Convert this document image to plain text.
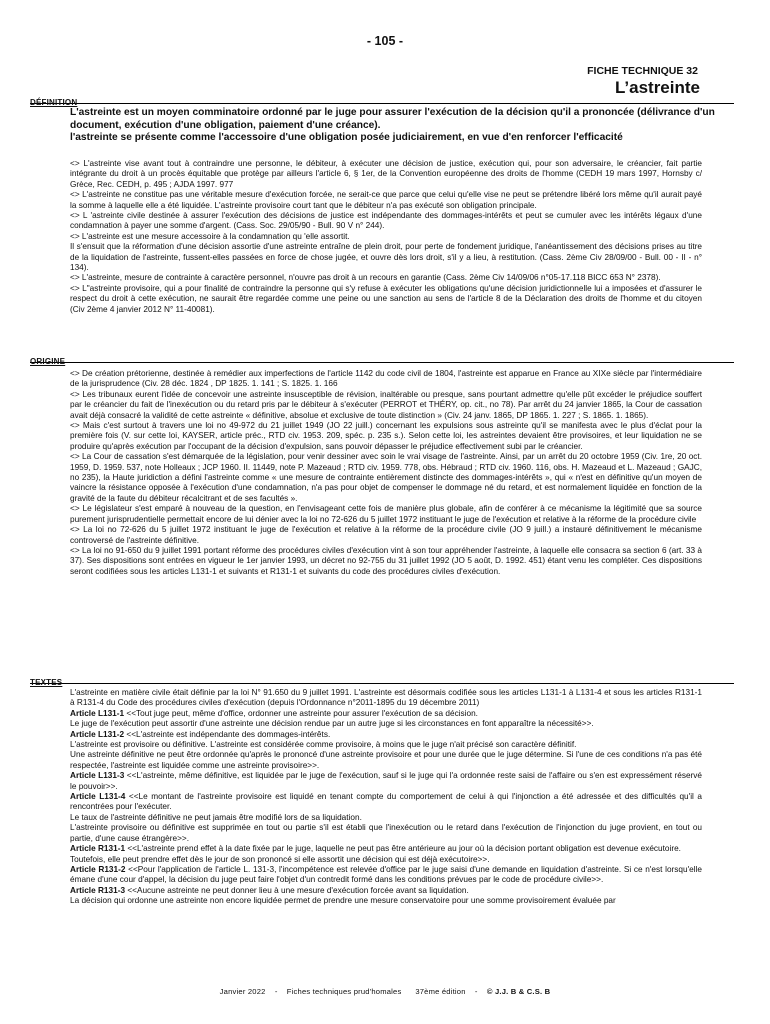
- 105 -
FICHE TECHNIQUE 32
L’astreinte
DÉFINITION
L'astreinte est un moyen comminatoire ordonné par le juge pour assurer l'exécution de la décision qu'il a prononcée (délivrance d'un document, exécution d'une obligation, paiement d'une créance).
l'astreinte se présente comme l'accessoire d'une obligation posée judiciairement, en vue d'en renforcer l'efficacité

<> L'astreinte vise avant tout à contraindre une personne, le débiteur, à exécuter une décision de justice, exécution qui, pour son adversaire, le créancier, fait partie intégrante du droit à un procès équitable que protège par ailleurs l'article 6, § 1er, de la Convention européenne des droits de l'homme (CEDH 19 mars 1997, Hornsby c/ Grèce, Rec. CEDH, p. 495 ; AJDA 1997. 977

<> L'astreinte ne constitue pas une véritable mesure d'exécution forcée, ne serait-ce que parce que celui qu'elle vise ne peut se prétendre libéré lors même qu'il aurait payé la somme à laquelle elle a été liquidée. L'astreinte provisoire court tant que le débiteur n'a pas exécuté son obligation principale.

<> L 'astreinte civile destinée à assurer l'exécution des décisions de justice est indépendante des dommages-intérêts et peut se cumuler avec les intérêts légaux d'une condamnation à payer une somme d'argent. (Cass. Soc. 29/05/90 - Bull. 90 V n° 244).

<> L'astreinte est une mesure accessoire à la condamnation qu 'elle assortit.

Il s'ensuit que la réformation d'une décision assortie d'une astreinte entraîne de plein droit, pour perte de fondement juridique, l'anéantissement des décisions prises au titre de la liquidation de l'astreinte, fussent-elles passées en force de chose jugée, et ouvre dès lors droit, s'il y a lieu, à restitution. (Cass. 2ème Civ 28/09/00 - Bull. 00 - II - n° 134).

<> L'astreinte, mesure de contrainte à caractère personnel, n'ouvre pas droit à un recours en garantie (Cass. 2ème Civ 14/09/06 n°05-17.118 BICC 653 N° 2378).

<> L"astreinte provisoire, qui a pour finalité de contraindre la personne qui s'y refuse à exécuter les obligations qu'une décision juridictionnelle lui a imposées et d'assurer le respect du droit à cette exécution, ne saurait être regardée comme une peine ou une sanction au sens de l'article 8 de la Déclaration des droits de l'homme et du citoyen (Civ 2ème 4 janvier 2012 N° 11-40081).

ORIGINE

<> De création prétorienne, destinée à remédier aux imperfections de l'article 1142 du code civil de 1804, l'astreinte est apparue en France au XIXe siècle par l'intermédiaire de la jurisprudence (Civ. 28 déc. 1824 , DP 1825. 1. 141 ; S. 1825. 1. 166

<> Les tribunaux eurent l'idée de concevoir une astreinte insusceptible de révision, inaltérable ou presque, sans pourtant admettre qu'elle pût excéder le préjudice souffert par le créancier du fait de l'inexécution ou du retard pris par le débiteur à s'exécuter (PERROT et THÉRY, op. cit., no 78). Par arrêt du 24 janvier 1865, la Cour de cassation avait déjà consacré la validité de cette astreinte « définitive, absolue et exclusive de toute distinction » (Civ. 24 janv. 1865, DP 1865. 1. 227 ; S. 1865. 1. 1865).

<> Mais c'est surtout à travers une loi no 49-972 du 21 juillet 1949 (JO 22 juill.) concernant les expulsions sous astreinte qu'il se manifesta avec le plus d'éclat pour la première fois (V. sur cette loi, KAYSER, article préc., RTD civ. 1953. 209, spéc. p. 235 s.). Selon cette loi, les astreintes devaient être provisoires, et leur liquidation ne se produire qu'après exécution par l'occupant de la décision d'expulsion, sans pouvoir dépasser le préjudice effectivement subi par le créancier.

<> La Cour de cassation s'est démarquée de la législation, pour venir dessiner avec soin le vrai visage de l'astreinte. Ainsi, par un arrêt du 20 octobre 1959 (Civ. 1re, 20 oct. 1959, D. 1959. 537, note Holleaux ; JCP 1960. II. 11449, note P. Mazeaud ; RTD civ. 1959. 778, obs. Hébraud ; RTD civ. 1960. 116, obs. H. Mazeaud et L. Mazeaud ; GAJC, no 235), la Haute juridiction a défini l'astreinte comme « une mesure de contrainte entièrement distincte des dommages-intérêts », qui « n'est en définitive qu'un moyen de vaincre la résistance opposée à l'exécution d'une condamnation, n'a pas pour objet de compenser le dommage né du retard, et est normalement liquidée en fonction de la gravité de la faute du débiteur récalcitrant et de ses facultés ».

<> Le législateur s'est emparé à nouveau de la question, en l'envisageant cette fois de manière plus globale, afin de conférer à ce mécanisme la légitimité que sa source purement jurisprudentielle permettait encore de lui dénier avec la loi no 72-626 du 5 juillet 1972 instituant le juge de l'exécution et relative à la réforme de la procédure civile

<> La loi no 72-626 du 5 juillet 1972 instituant le juge de l'exécution et relative à la réforme de la procédure civile (JO 9 juill.) a instauré définitivement le mécanisme controversé de l'astreinte définitive.

<> La loi no 91-650 du 9 juillet 1991 portant réforme des procédures civiles d'exécution vint à son tour appréhender l'astreinte, à laquelle elle consacra sa section 6 (art. 33 à 37). Ses dispositions sont entrées en vigueur le 1er janvier 1993, un décret no 92-755 du 31 juillet 1992 (JO 5 août, D. 1992. 451) étant venu les compléter. Ces dispositions seront codifiées sous les articles L131-1 et suivants et R131-1 et suivants du code des procédures civiles d'exécution.

TEXTES

L'astreinte en matière civile était définie par la loi N° 91.650 du 9 juillet 1991. L'astreinte est désormais codifiée sous les articles L131-1 à L131-4 et sous les articles R131-1 à R131-4 du Code des procédures civiles d'exécution (depuis l'Ordonnance n°2011-1895 du 19 décembre 2011)

Article L131-1 <<Tout juge peut, même d'office, ordonner une astreinte pour assurer l'exécution de sa décision.

Le juge de l'exécution peut assortir d'une astreinte une décision rendue par un autre juge si les circonstances en font apparaître la nécessité>>.

Article L131-2 <<L'astreinte est indépendante des dommages-intérêts.

L'astreinte est provisoire ou définitive. L'astreinte est considérée comme provisoire, à moins que le juge n'ait précisé son caractère définitif.

Une astreinte définitive ne peut être ordonnée qu'après le prononcé d'une astreinte provisoire et pour une durée que le juge détermine. Si l'une de ces conditions n'a pas été respectée, l'astreinte est liquidée comme une astreinte provisoire>>.

Article L131-3 <<L'astreinte, même définitive, est liquidée par le juge de l'exécution, sauf si le juge qui l'a ordonnée reste saisi de l'affaire ou s'en est expressément réservé le pouvoir>>.

Article L131-4 <<Le montant de l'astreinte provisoire est liquidé en tenant compte du comportement de celui à qui l'injonction a été adressée et des difficultés qu'il a rencontrées pour l'exécuter.

Le taux de l'astreinte définitive ne peut jamais être modifié lors de sa liquidation.

L'astreinte provisoire ou définitive est supprimée en tout ou partie s'il est établi que l'inexécution ou le retard dans l'exécution de l'injonction du juge provient, en tout ou partie, d'une cause étrangère>>.

Article R131-1 <<L'astreinte prend effet à la date fixée par le juge, laquelle ne peut pas être antérieure au jour où la décision portant obligation est devenue exécutoire.

Toutefois, elle peut prendre effet dès le jour de son prononcé si elle assortit une décision qui est déjà exécutoire>>.

Article R131-2 <<Pour l'application de l'article L. 131-3, l'incompétence est relevée d'office par le juge saisi d'une demande en liquidation d'astreinte. Si ce n'est lorsqu'elle émane d'une cour d'appel, la décision du juge peut faire l'objet d'un contredit formé dans les conditions prévues par le code de procédure civile>>.

Article R131-3 <<Aucune astreinte ne peut donner lieu à une mesure d'exécution forcée avant sa liquidation.

La décision qui ordonne une astreinte non encore liquidée permet de prendre une mesure conservatoire pour une somme provisoirement évaluée par

Janvier 2022 - Fiches techniques prud'homales 37ème édition - © J.J. B & C.S. B
